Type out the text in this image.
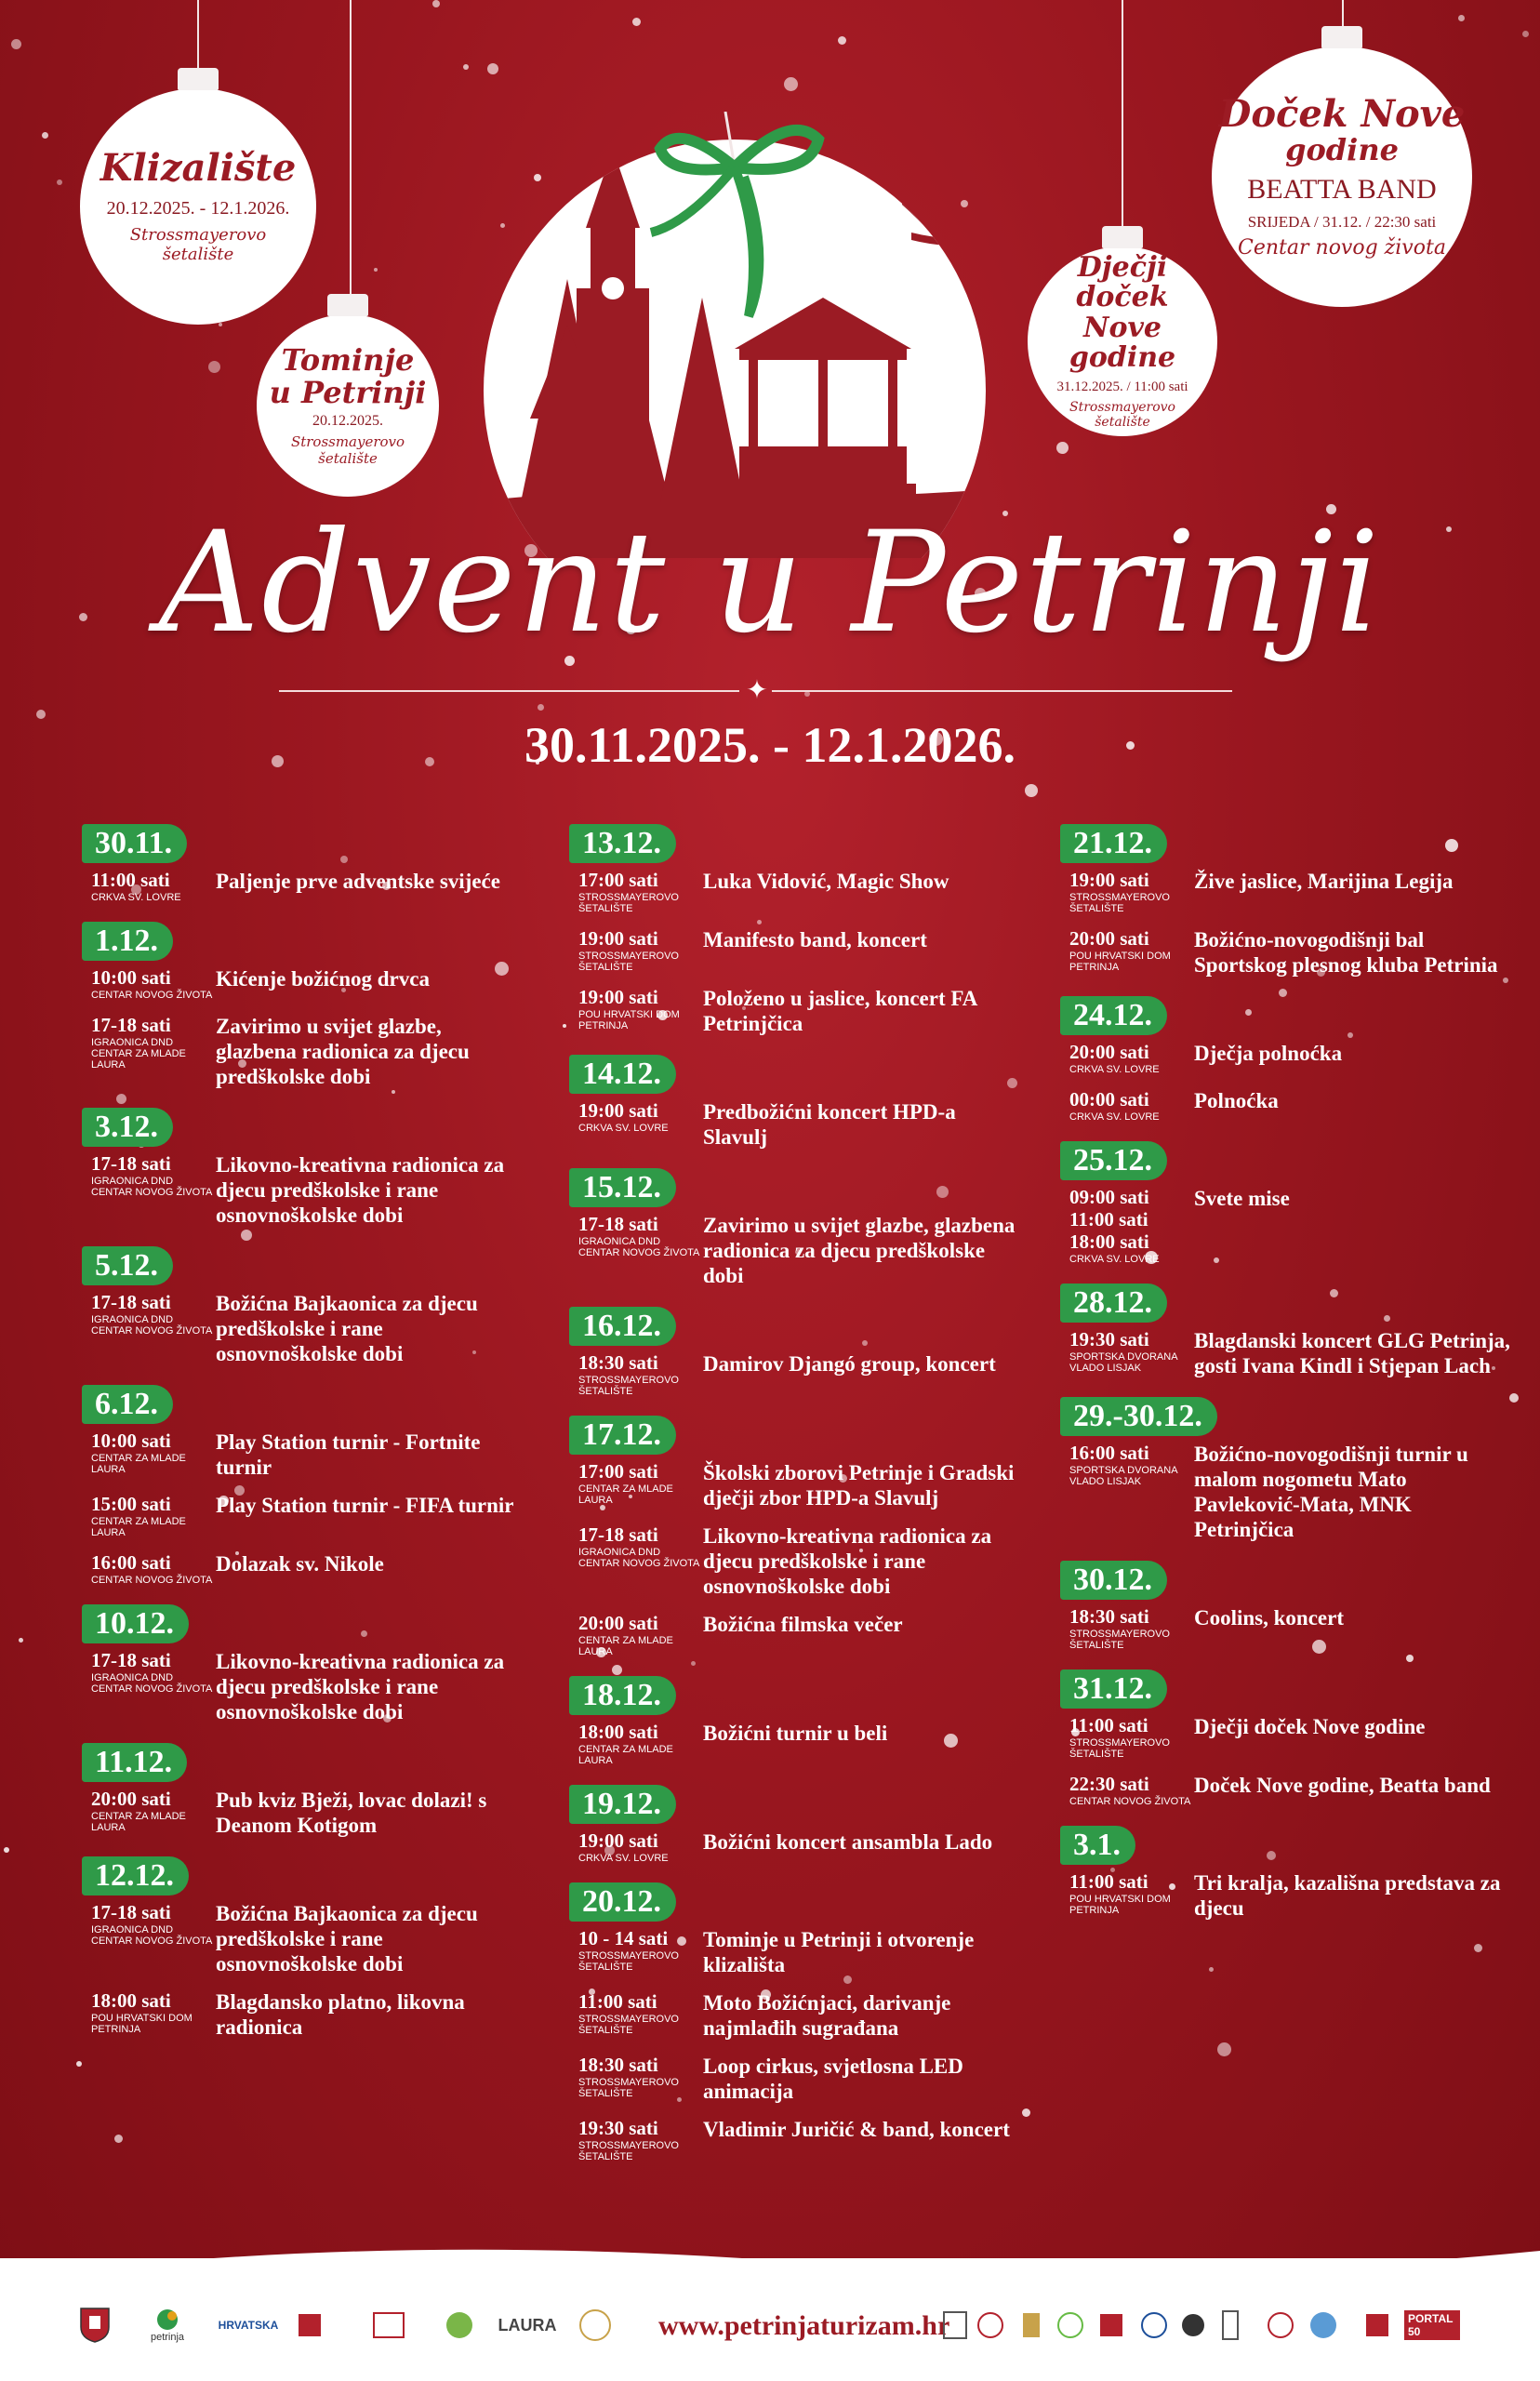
Klizalište
20.12.2025. - 12.1.2026.
Strossmayerovo
šetalište
Tominje
u Petrinji
20.12.2025.
Strossmayerovo
šetalište
Dječji doček
Nove godine
31.12.2025. / 11:00 sati
Strossmayerovo
šetalište
Doček Nove
godine
BEATTA BAND
SRIJEDA / 31.12. / 22:30 sati
Centar novog života
Advent u Petrinji
✦
30.11.2025. - 12.1.2026.
30.11.
11:00 sati
CRKVA SV. LOVRE
Paljenje prve adventske svijeće
1.12.
10:00 sati
CENTAR NOVOG ŽIVOTA
Kićenje božićnog drvca
17-18 sati
IGRAONICA DND CENTAR ZA MLADE LAURA
Zavirimo u svijet glazbe, glazbena radionica za djecu predškolske dobi
3.12.
17-18 sati
IGRAONICA DND CENTAR NOVOG ŽIVOTA
Likovno-kreativna radionica za djecu predškolske i rane osnovnoškolske dobi
5.12.
17-18 sati
IGRAONICA DND CENTAR NOVOG ŽIVOTA
Božićna Bajkaonica za djecu predškolske i rane osnovnoškolske dobi
6.12.
10:00 sati
CENTAR ZA MLADE LAURA
Play Station turnir - Fortnite turnir
15:00 sati
CENTAR ZA MLADE LAURA
Play Station turnir - FIFA turnir
16:00 sati
CENTAR NOVOG ŽIVOTA
Dolazak sv. Nikole
10.12.
17-18 sati
IGRAONICA DND CENTAR NOVOG ŽIVOTA
Likovno-kreativna radionica za djecu predškolske i rane osnovnoškolske dobi
11.12.
20:00 sati
CENTAR ZA MLADE LAURA
Pub kviz Bježi, lovac dolazi! s Deanom Kotigom
12.12.
17-18 sati
IGRAONICA DND CENTAR NOVOG ŽIVOTA
Božićna Bajkaonica za djecu predškolske i rane osnovnoškolske dobi
18:00 sati
POU HRVATSKI DOM PETRINJA
Blagdansko platno, likovna radionica
13.12.
17:00 sati
STROSSMAYEROVO ŠETALIŠTE
Luka Vidović, Magic Show
19:00 sati
STROSSMAYEROVO ŠETALIŠTE
Manifesto band, koncert
19:00 sati
POU HRVATSKI DOM PETRINJA
Položeno u jaslice, koncert FA Petrinjčica
14.12.
19:00 sati
CRKVA SV. LOVRE
Predbožićni koncert HPD-a Slavulj
15.12.
17-18 sati
IGRAONICA DND CENTAR NOVOG ŽIVOTA
Zavirimo u svijet glazbe, glazbena radionica za djecu predškolske dobi
16.12.
18:30 sati
STROSSMAYEROVO ŠETALIŠTE
Damirov Djangó group, koncert
17.12.
17:00 sati
CENTAR ZA MLADE LAURA
Školski zborovi Petrinje i Gradski dječji zbor HPD-a Slavulj
17-18 sati
IGRAONICA DND CENTAR NOVOG ŽIVOTA
Likovno-kreativna radionica za djecu predškolske i rane osnovnoškolske dobi
20:00 sati
CENTAR ZA MLADE LAURA
Božićna filmska večer
18.12.
18:00 sati
CENTAR ZA MLADE LAURA
Božićni turnir u beli
19.12.
19:00 sati
CRKVA SV. LOVRE
Božićni koncert ansambla Lado
20.12.
10 - 14 sati
STROSSMAYEROVO ŠETALIŠTE
Tominje u Petrinji i otvorenje klizališta
11:00 sati
STROSSMAYEROVO ŠETALIŠTE
Moto Božićnjaci, darivanje najmlađih sugrađana
18:30 sati
STROSSMAYEROVO ŠETALIŠTE
Loop cirkus, svjetlosna LED animacija
19:30 sati
STROSSMAYEROVO ŠETALIŠTE
Vladimir Juričić & band, koncert
21.12.
19:00 sati
STROSSMAYEROVO ŠETALIŠTE
Žive jaslice, Marijina Legija
20:00 sati
POU HRVATSKI DOM PETRINJA
Božićno-novogodišnji bal Sportskog plesnog kluba Petrinia
24.12.
20:00 sati
CRKVA SV. LOVRE
Dječja polnoćka
00:00 sati
CRKVA SV. LOVRE
Polnoćka
25.12.
09:00 sati 11:00 sati 18:00 sati
CRKVA SV. LOVRE
Svete mise
28.12.
19:30 sati
SPORTSKA DVORANA VLADO LISJAK
Blagdanski koncert GLG Petrinja, gosti Ivana Kindl i Stjepan Lach
29.-30.12.
16:00 sati
SPORTSKA DVORANA VLADO LISJAK
Božićno-novogodišnji turnir u malom nogometu Mato Pavleković-Mata, MNK Petrinjčica
30.12.
18:30 sati
STROSSMAYEROVO ŠETALIŠTE
Coolins, koncert
31.12.
11:00 sati
STROSSMAYEROVO ŠETALIŠTE
Dječji doček Nove godine
22:30 sati
CENTAR NOVOG ŽIVOTA
Doček Nove godine, Beatta band
3.1.
11:00 sati
POU HRVATSKI DOM PETRINJA
Tri kralja, kazališna predstava za djecu
petrinja
HRVATSKA	LAURA	www.petrinjaturizam.hr	PORTAL 50
